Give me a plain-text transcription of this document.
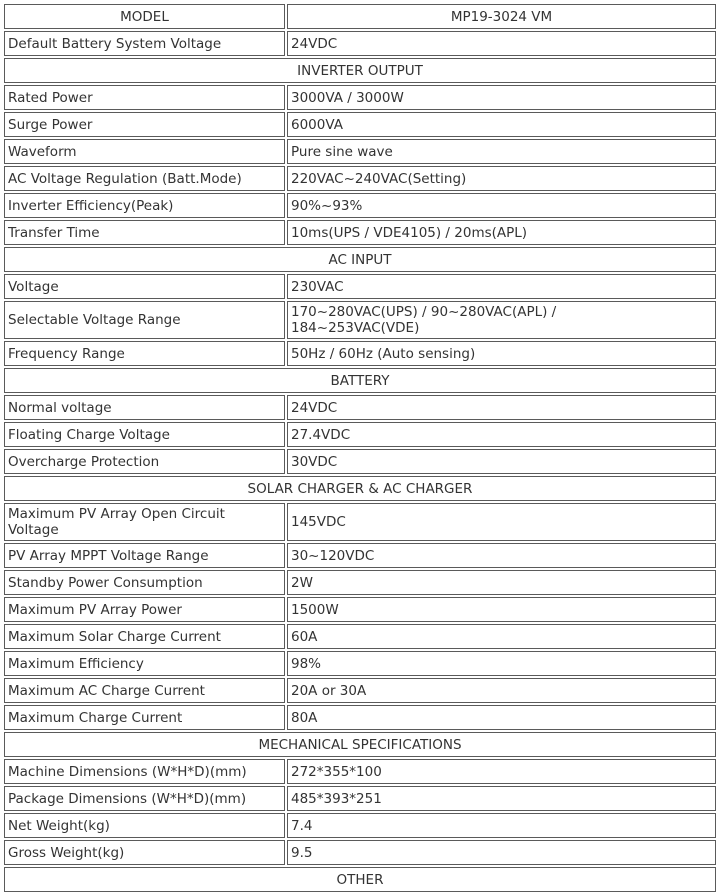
MODEL	MP19-3024 VM
Default Battery System Voltage	24VDC
INVERTER OUTPUT	
Rated Power	3000VA / 3000W
Surge Power	6000VA
Waveform	Pure sine wave
AC Voltage Regulation (Batt.Mode)	220VAC~240VAC(Setting)
Inverter Efficiency(Peak)	90%~93%
Transfer Time	10ms(UPS / VDE4105) / 20ms(APL)
AC INPUT	
Voltage	230VAC
Selectable Voltage Range	170~280VAC(UPS) / 90~280VAC(APL) /
184~253VAC(VDE)

Frequency Range	50Hz / 60Hz (Auto sensing)
BATTERY	
Normal voltage	24VDC
Floating Charge Voltage	27.4VDC
Overcharge Protection	30VDC
SOLAR CHARGER & AC CHARGER	

Maximum PV Array Open Circuit
Voltage	145VDC
PV Array MPPT Voltage Range	30~120VDC
Standby Power Consumption	2W
Maximum PV Array Power	1500W
Maximum Solar Charge Current	60A
Maximum Efficiency	98%
Maximum AC Charge Current	20A or 30A
Maximum Charge Current	80A
MECHANICAL SPECIFICATIONS	
Machine Dimensions (W*H*D)(mm)	272*355*100
Package Dimensions (W*H*D)(mm)	485*393*251
Net Weight(kg)	7.4
Gross Weight(kg)	9.5
OTHER	
